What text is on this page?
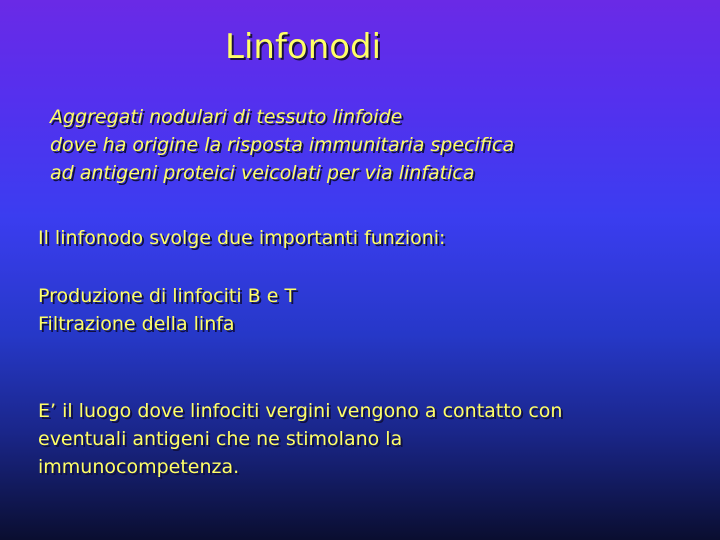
Linfonodi
Aggregati nodulari di tessuto linfoide
dove ha origine la risposta immunitaria specifica
ad antigeni proteici veicolati per via linfatica
Il linfonodo svolge due importanti funzioni:
Produzione di linfociti B e T
Filtrazione della linfa
E’ il luogo dove linfociti vergini vengono a contatto con
eventuali antigeni che ne stimolano la
immunocompetenza.
